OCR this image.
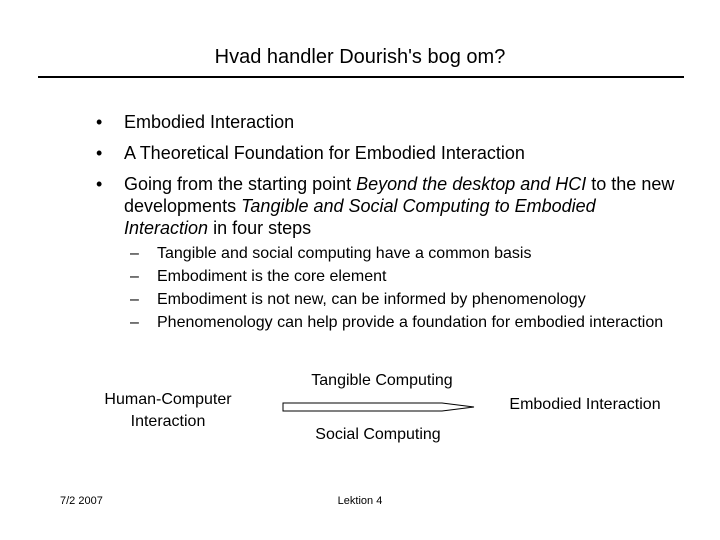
Hvad handler Dourish's bog om?
• Embodied Interaction
• A Theoretical Foundation for Embodied Interaction
• Going from the starting point Beyond the desktop and HCI to the new developments Tangible and Social Computing to Embodied Interaction in four steps
– Tangible and social computing have a common basis
– Embodiment is the core element
– Embodiment is not new, can be informed by phenomenology
– Phenomenology can help provide a foundation for embodied interaction
Human-Computer
Interaction
Tangible Computing
Social Computing
Embodied Interaction
7/2 2007	Lektion 4
